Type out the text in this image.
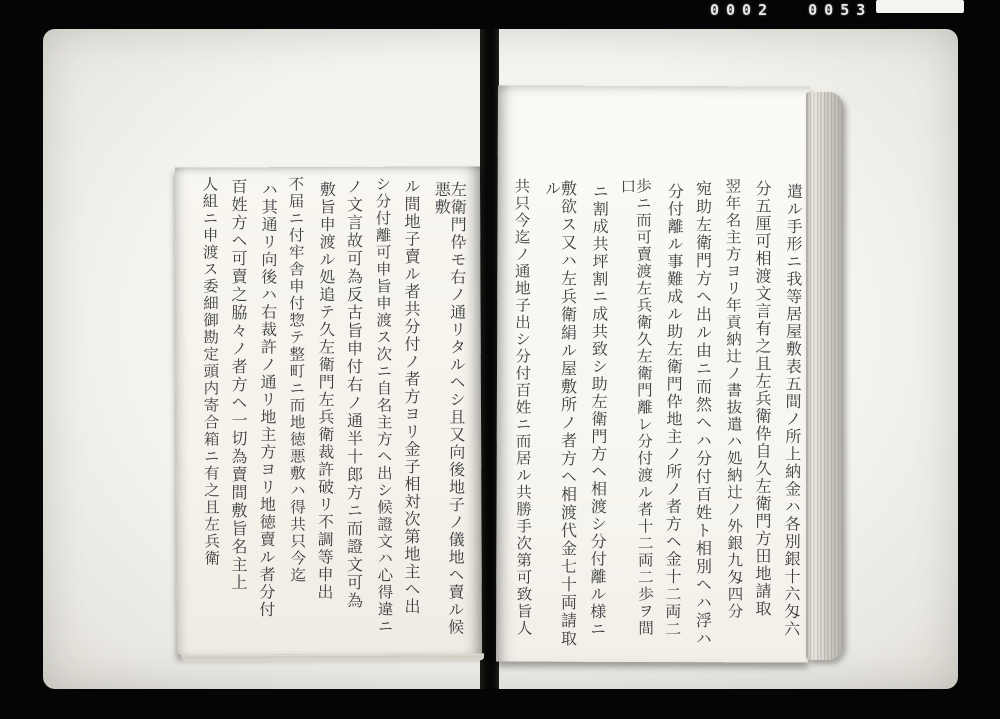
0002 0053
遣ル手形ニ我等居屋敷表五間ノ所上納金ハ各別銀十六匁六
分五厘可相渡文言有之且左兵衛伜自久左衛門方田地請取
翌年名主方ヨリ年貢納辻ノ書抜遣ハ処納辻ノ外銀九匁四分
宛助左衛門方ヘ出ル由ニ而然ヘハ分付百姓ト相別ヘハ浮ハ
分付離ル事難成ル助左衛門伜地主ノ所ノ者方ヘ金十二両二
歩ニ而可賣渡左兵衛久左衛門離レ分付渡ル者十二両二歩ヲ間口
ニ割成共坪割ニ成共致シ助左衛門方ヘ相渡シ分付離ル様ニ
敷欲ス又ハ左兵衛絹ル屋敷所ノ者方ヘ相渡代金七十両請取ル
共只今迄ノ通地子出シ分付百姓ニ而居ル共勝手次第可致旨人
左衛門伜モ右ノ通リタルヘシ且又向後地子ノ儀地ヘ賣ル候悪敷
ル間地子賣ル者共分付ノ者方ヨリ金子相対次第地主ヘ出
シ分付離可申旨申渡ス次ニ自名主方ヘ出シ候證文ハ心得違ニ
ノ文言故可為反古旨申付右ノ通半十郎方ニ而證文可為
敷旨申渡ル処追テ久左衛門左兵衛裁許破リ不調等申出
不届ニ付牢舎申付惣テ整町ニ而地徳悪敷ハ得共只今迄
ハ其通リ向後ハ右裁許ノ通リ地主方ヨリ地徳賣ル者分付
百姓方ヘ可賣之脇々ノ者方ヘ一切為賣間敷旨名主上
人組ニ申渡ス委細御勘定頭内寄合箱ニ有之且左兵衛
